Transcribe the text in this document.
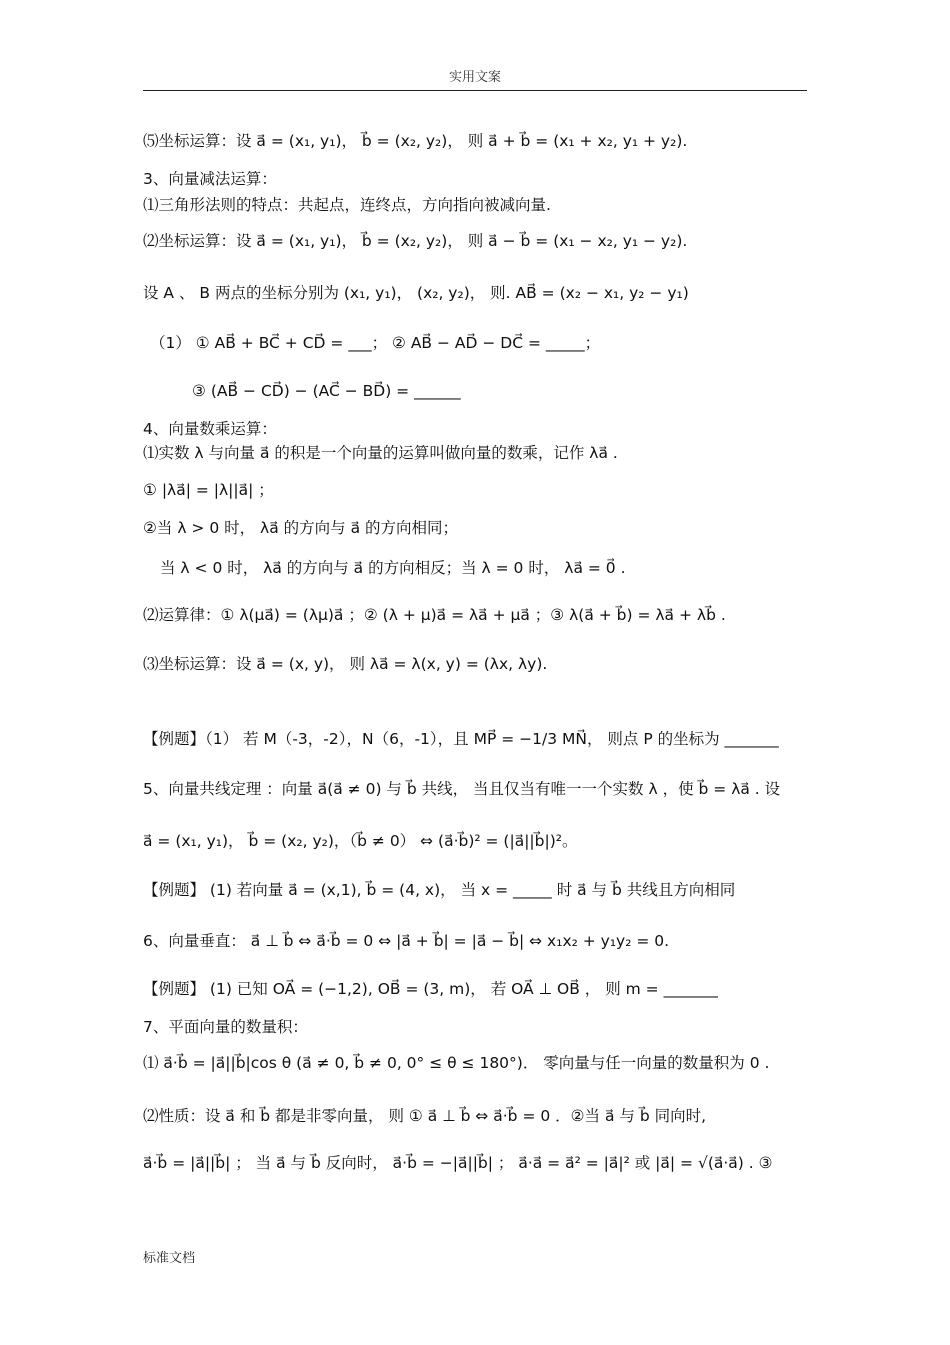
实用文案
⑸坐标运算：设 a⃗ = (x₁, y₁)， b⃗ = (x₂, y₂)， 则 a⃗ + b⃗ = (x₁ + x₂, y₁ + y₂).
3、向量减法运算：
⑴三角形法则的特点：共起点，连终点，方向指向被减向量.
⑵坐标运算：设 a⃗ = (x₁, y₁)， b⃗ = (x₂, y₂)， 则 a⃗ − b⃗ = (x₁ − x₂, y₁ − y₂).
设 A 、 B 两点的坐标分别为 (x₁, y₁)， (x₂, y₂)， 则. AB⃗ = (x₂ − x₁, y₂ − y₁)
（1） ① AB⃗ + BC⃗ + CD⃗ = ___； ② AB⃗ − AD⃗ − DC⃗ = _____；
③ (AB⃗ − CD⃗) − (AC⃗ − BD⃗) = ______
4、向量数乘运算：
⑴实数 λ 与向量 a⃗ 的积是一个向量的运算叫做向量的数乘，记作 λa⃗ .
① |λa⃗| = |λ||a⃗| ；
②当 λ > 0 时， λa⃗ 的方向与 a⃗ 的方向相同；
当 λ < 0 时， λa⃗ 的方向与 a⃗ 的方向相反；当 λ = 0 时， λa⃗ = 0⃗ .
⑵运算律：① λ(μa⃗) = (λμ)a⃗ ；② (λ + μ)a⃗ = λa⃗ + μa⃗ ；③ λ(a⃗ + b⃗) = λa⃗ + λb⃗ .
⑶坐标运算：设 a⃗ = (x, y)， 则 λa⃗ = λ(x, y) = (λx, λy).
【例题】（1） 若 M（-3，-2），N（6，-1），且 MP⃗ = −1/3 MN⃗， 则点 P 的坐标为 _______
5、向量共线定理 ：向量 a⃗(a⃗ ≠ 0) 与 b⃗ 共线， 当且仅当有唯一一个实数 λ ，使 b⃗ = λa⃗ . 设
a⃗ = (x₁, y₁)， b⃗ = (x₂, y₂)，（b⃗ ≠ 0） ⇔ (a⃗·b⃗)² = (|a⃗||b⃗|)²。
【例题】 (1) 若向量 a⃗ = (x,1), b⃗ = (4, x)， 当 x = _____ 时 a⃗ 与 b⃗ 共线且方向相同
6、向量垂直： a⃗ ⊥ b⃗ ⇔ a⃗·b⃗ = 0 ⇔ |a⃗ + b⃗| = |a⃗ − b⃗| ⇔ x₁x₂ + y₁y₂ = 0.
【例题】 (1) 已知 OA⃗ = (−1,2), OB⃗ = (3, m)， 若 OA⃗ ⊥ OB⃗ ， 则 m = _______
7、平面向量的数量积：
⑴ a⃗·b⃗ = |a⃗||b⃗|cos θ (a⃗ ≠ 0, b⃗ ≠ 0, 0° ≤ θ ≤ 180°)． 零向量与任一向量的数量积为 0 .
⑵性质：设 a⃗ 和 b⃗ 都是非零向量， 则 ① a⃗ ⊥ b⃗ ⇔ a⃗·b⃗ = 0 ．②当 a⃗ 与 b⃗ 同向时,
a⃗·b⃗ = |a⃗||b⃗| ； 当 a⃗ 与 b⃗ 反向时， a⃗·b⃗ = −|a⃗||b⃗| ； a⃗·a⃗ = a⃗² = |a⃗|² 或 |a⃗| = √(a⃗·a⃗) . ③
标准文档
